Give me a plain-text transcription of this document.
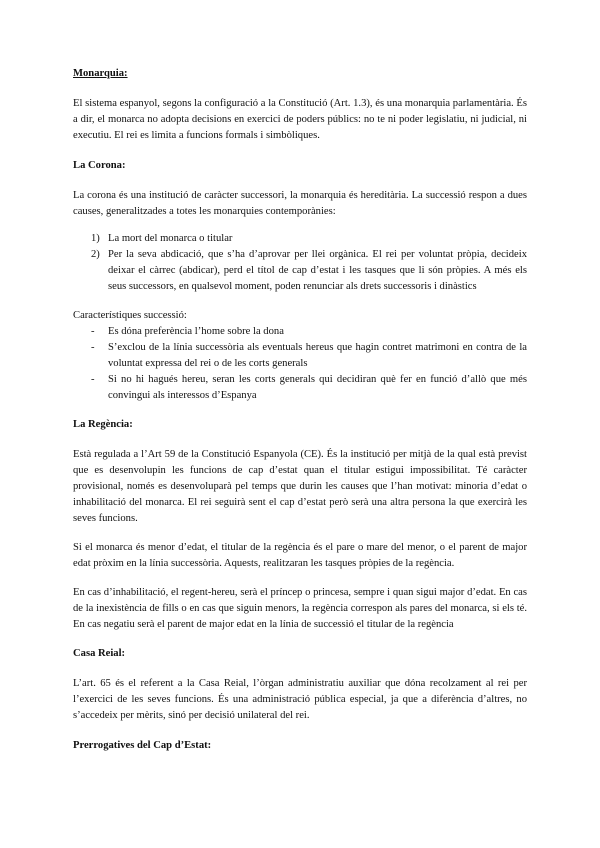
Monarquia:

El sistema espanyol, segons la configuració a la Constitució (Art. 1.3), és una monarquia parlamentària. És a dir, el monarca no adopta decisions en exercici de poders públics: no te ni poder legislatiu, ni judicial, ni executiu. El rei es limita a funcions formals i simbòliques.

La Corona:

La corona és una institució de caràcter successori, la monarquia és hereditària. La successió respon a dues causes, generalitzades a totes les monarquies contemporànies:

1) La mort del monarca o titular
2) Per la seva abdicació, que s’ha d’aprovar per llei orgànica. El rei per voluntat pròpia, decideix deixar el càrrec (abdicar), perd el títol de cap d’estat i les tasques que li són pròpies. A més els seus successors, en qualsevol moment, poden renunciar als drets successoris i dinàstics

Característiques successió:

- Es dóna preferència l’home sobre la dona
- S’exclou de la línia successòria als eventuals hereus que hagin contret matrimoni en contra de la voluntat expressa del rei o de les corts generals
- Si no hi hagués hereu, seran les corts generals qui decidiran què fer en funció d’allò que més convingui als interessos d’Espanya
La Regència:

Està regulada a l’Art 59 de la Constitució Espanyola (CE). És la institució per mitjà de la qual està previst que es desenvolupin les funcions de cap d’estat quan el titular estigui impossibilitat. Té caràcter provisional, només es desenvoluparà pel temps que durin les causes que l’han motivat: minoria d’edat o inhabilitació del monarca. El rei seguirà sent el cap d’estat però serà una altra persona la que exercirà les seves funcions.

Si el monarca és menor d’edat, el titular de la regència és el pare o mare del menor, o el parent de major edat pròxim en la línia successòria. Aquests, realitzaran les tasques pròpies de la regència.

En cas d’inhabilitació, el regent-hereu, serà el príncep o princesa, sempre i quan sigui major d’edat. En cas de la inexistència de fills o en cas que siguin menors, la regència correspon als pares del monarca, si els té. En cas negatiu serà el parent de major edat en la línia de successió el titular de la regència

Casa Reial:

L’art. 65 és el referent a la Casa Reial, l’òrgan administratiu auxiliar que dóna recolzament al rei per l’exercici de les seves funcions. És una administració pública especial, ja que a diferència d’altres, no s’accedeix per mèrits, sinó per decisió unilateral del rei.

Prerrogatives del Cap d’Estat:
